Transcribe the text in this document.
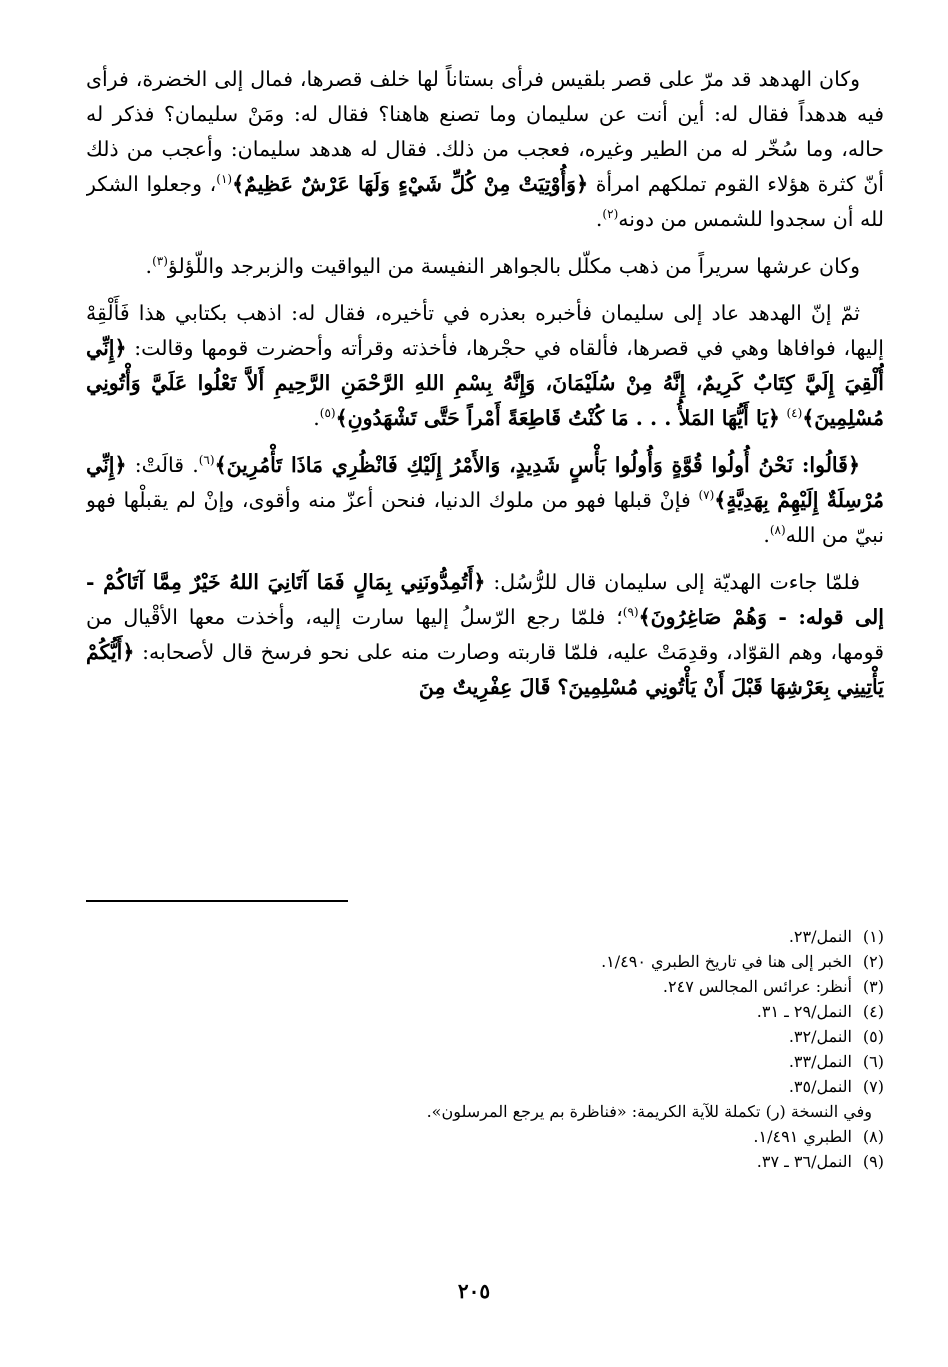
وكان الهدهد قد مرّ على قصر بلقيس فرأى بستاناً لها خلف قصرها، فمال إلى الخضرة، فرأى فيه هدهداً فقال له: أين أنت عن سليمان وما تصنع هاهنا؟ فقال له: ومَنْ سليمان؟ فذكر له حاله، وما سُخّر له من الطير وغيره، فعجب من ذلك. فقال له هدهد سليمان: وأعجب من ذلك أنّ كثرة هؤلاء القوم تملكهم امرأة ﴿وَأُوْتِيَتْ مِنْ كُلِّ شَيْءٍ وَلَهَا عَرْشٌ عَظِيمٌ﴾$^{(١)}$، وجعلوا الشكر لله أن سجدوا للشمس من دونه$^{(٢)}$.

وكان عرشها سريراً من ذهب مكلّل بالجواهر النفيسة من اليواقيت والزبرجد واللّؤلؤ$^{(٣)}$.

ثمّ إنّ الهدهد عاد إلى سليمان فأخبره بعذره في تأخيره، فقال له: اذهب بكتابي هذا فَأَلْقِهْ إليها، فوافاها وهي في قصرها، فألقاه في حجْرها، فأخذته وقرأته وأحضرت قومها وقالت: ﴿إِنِّي أُلْقِيَ إِلَيَّ كِتَابٌ كَرِيمٌ، إِنَّهُ مِنْ سُلَيْمَانَ، وَإِنَّهُ بِسْمِ اللهِ الرَّحْمَنِ الرَّحِيمِ أَلاَّ تَعْلُوا عَلَيَّ وَأْتُونِي مُسْلِمِينَ﴾$^{(٤)}$ ﴿يَا أَيُّهَا المَلأُ . . . مَا كُنْتُ قَاطِعَةً أَمْراً حَتَّى تَشْهَدُونِ﴾$^{(٥)}$.

﴿قَالُوا: نَحْنُ أُولُوا قُوَّةٍ وَأُولُوا بَأْسٍ شَدِيدٍ، وَالأَمْرُ إِلَيْكِ فَانْظُرِي مَاذَا تَأْمُرِينَ﴾$^{(٦)}$. قالَتْ: ﴿إِنِّي مُرْسِلَةٌ إِلَيْهِمْ بِهَدِيَّةٍ﴾$^{(٧)}$ فإنْ قبلها فهو من ملوك الدنيا، فنحن أعزّ منه وأقوى، وإنْ لم يقبلْها فهو نبيّ من الله$^{(٨)}$.

فلمّا جاءت الهديّة إلى سليمان قال للرُّسُل: ﴿أَتُمِدُّونَنِي بِمَالٍ فَمَا آتَانِيَ اللهُ خَيْرٌ مِمَّا آتَاكُمْ - إلى قوله: - وَهُمْ صَاغِرُونَ﴾$^{(٩)}$؛ فلمّا رجع الرّسلُ إليها سارت إليه، وأخذت معها الأقْيال من قومها، وهم القوّاد، وقدِمَتْ عليه، فلمّا قاربته وصارت منه على نحو فرسخ قال لأصحابه: ﴿أَيُّكُمْ يَأْتِينِي بِعَرْشِهَا قَبْلَ أَنْ يَأْتُونِي مُسْلِمِينَ؟ قَالَ عِفْرِيتٌ مِنَ

(١)النمل/٢٣.
(٢)الخبر إلى هنا في تاريخ الطبري ١/٤٩٠.
(٣)أنظر: عرائس المجالس ٢٤٧.
(٤)النمل/٢٩ ـ ٣١.
(٥)النمل/٣٢.
(٦)النمل/٣٣.
(٧)النمل/٣٥.
وفي النسخة (ر) تكملة للآية الكريمة: «فناظرة بم يرجع المرسلون».
(٨)الطبري ١/٤٩١.
(٩)النمل/٣٦ ـ ٣٧.
٢٠٥
